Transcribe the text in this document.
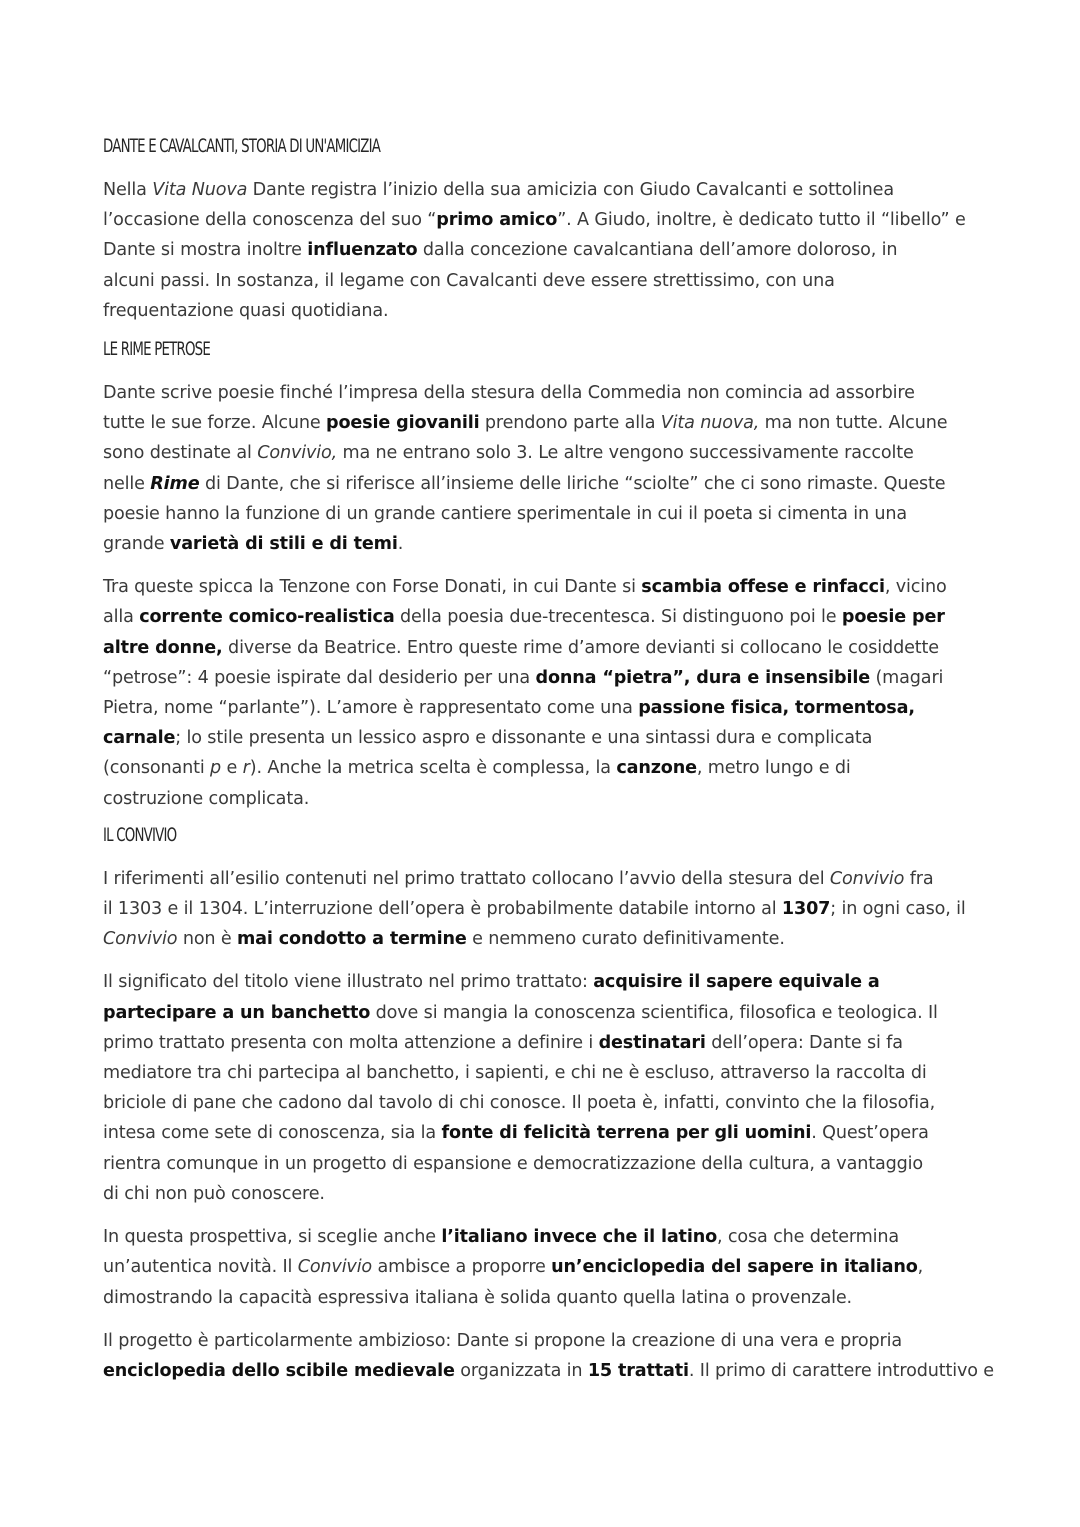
DANTE E CAVALCANTI, STORIA DI UN'AMICIZIA
Nella Vita Nuova Dante registra l’inizio della sua amicizia con Giudo Cavalcanti e sottolinea
l’occasione della conoscenza del suo “primo amico”. A Giudo, inoltre, è dedicato tutto il “libello” e
Dante si mostra inoltre influenzato dalla concezione cavalcantiana dell’amore doloroso, in
alcuni passi. In sostanza, il legame con Cavalcanti deve essere strettissimo, con una
frequentazione quasi quotidiana.
LE RIME PETROSE
Dante scrive poesie finché l’impresa della stesura della Commedia non comincia ad assorbire
tutte le sue forze. Alcune poesie giovanili prendono parte alla Vita nuova, ma non tutte. Alcune
sono destinate al Convivio, ma ne entrano solo 3. Le altre vengono successivamente raccolte
nelle Rime di Dante, che si riferisce all’insieme delle liriche “sciolte” che ci sono rimaste. Queste
poesie hanno la funzione di un grande cantiere sperimentale in cui il poeta si cimenta in una
grande varietà di stili e di temi.
Tra queste spicca la Tenzone con Forse Donati, in cui Dante si scambia offese e rinfacci, vicino
alla corrente comico-realistica della poesia due-trecentesca. Si distinguono poi le poesie per
altre donne, diverse da Beatrice. Entro queste rime d’amore devianti si collocano le cosiddette
“petrose”: 4 poesie ispirate dal desiderio per una donna “pietra”, dura e insensibile (magari
Pietra, nome “parlante”). L’amore è rappresentato come una passione fisica, tormentosa,
carnale; lo stile presenta un lessico aspro e dissonante e una sintassi dura e complicata
(consonanti p e r). Anche la metrica scelta è complessa, la canzone, metro lungo e di
costruzione complicata.
IL CONVIVIO
I riferimenti all’esilio contenuti nel primo trattato collocano l’avvio della stesura del Convivio fra
il 1303 e il 1304. L’interruzione dell’opera è probabilmente databile intorno al 1307; in ogni caso, il
Convivio non è mai condotto a termine e nemmeno curato definitivamente.
Il significato del titolo viene illustrato nel primo trattato: acquisire il sapere equivale a
partecipare a un banchetto dove si mangia la conoscenza scientifica, filosofica e teologica. Il
primo trattato presenta con molta attenzione a definire i destinatari dell’opera: Dante si fa
mediatore tra chi partecipa al banchetto, i sapienti, e chi ne è escluso, attraverso la raccolta di
briciole di pane che cadono dal tavolo di chi conosce. Il poeta è, infatti, convinto che la filosofia,
intesa come sete di conoscenza, sia la fonte di felicità terrena per gli uomini. Quest’opera
rientra comunque in un progetto di espansione e democratizzazione della cultura, a vantaggio
di chi non può conoscere.
In questa prospettiva, si sceglie anche l’italiano invece che il latino, cosa che determina
un’autentica novità. Il Convivio ambisce a proporre un’enciclopedia del sapere in italiano,
dimostrando la capacità espressiva italiana è solida quanto quella latina o provenzale.
Il progetto è particolarmente ambizioso: Dante si propone la creazione di una vera e propria
enciclopedia dello scibile medievale organizzata in 15 trattati. Il primo di carattere introduttivo e
